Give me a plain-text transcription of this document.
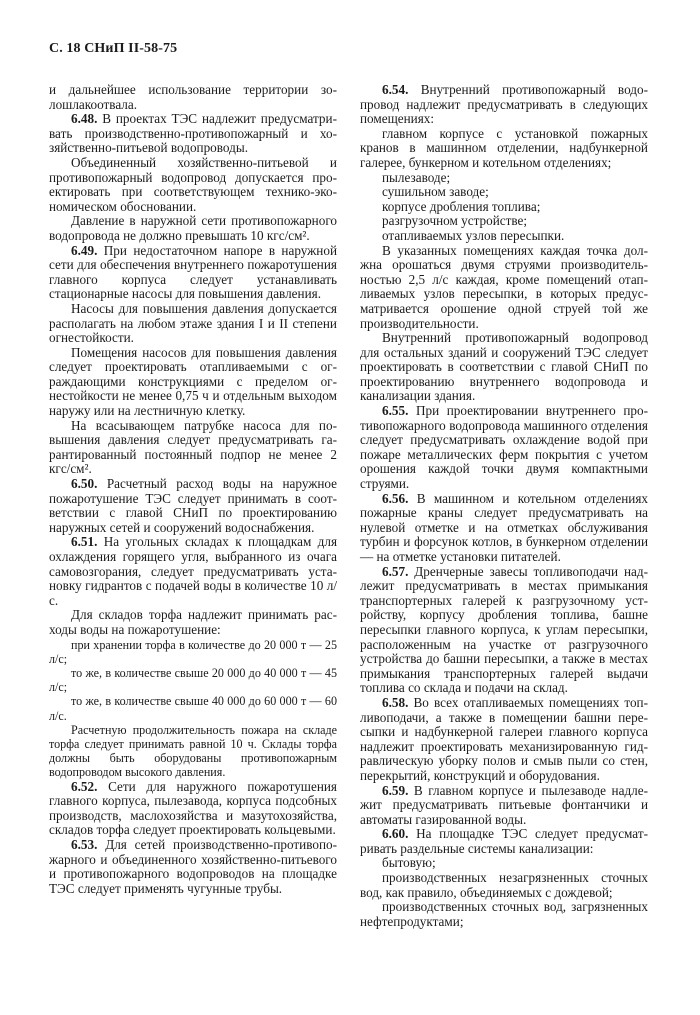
С. 18 СНиП II-58-75

и дальнейшее использование территории золошлакоотвала.

6.48. В проектах ТЭС надлежит предусматривать производственно-противопожарный и хозяйственно-питьевой водопроводы.

Объединенный хозяйственно-питьевой и противопожарный водопровод допускается проектировать при соответствующем технико-экономическом обосновании.

Давление в наружной сети противопожарного водопровода не должно превышать 10 кгс/см².

6.49. При недостаточном напоре в наружной сети для обеспечения внутреннего пожаротушения главного корпуса следует устанавливать стационарные насосы для повышения давления.

Насосы для повышения давления допускается располагать на любом этаже здания I и II степени огнестойкости.

Помещения насосов для повышения давления следует проектировать отапливаемыми с ограждающими конструкциями с пределом огнестойкости не менее 0,75 ч и отдельным выходом наружу или на лестничную клетку.

На всасывающем патрубке насоса для повышения давления следует предусматривать гарантированный постоянный подпор не менее 2 кгс/см².

6.50. Расчетный расход воды на наружное пожаротушение ТЭС следует принимать в соответствии с главой СНиП по проектированию наружных сетей и сооружений водоснабжения.

6.51. На угольных складах к площадкам для охлаждения горящего угля, выбранного из очага самовозгорания, следует предусматривать установку гидрантов с подачей воды в количестве 10 л/с.

Для складов торфа надлежит принимать расходы воды на пожаротушение:

при хранении торфа в количестве до 20 000 т — 25 л/с;

то же, в количестве свыше 20 000 до 40 000 т — 45 л/с;

то же, в количестве свыше 40 000 до 60 000 т — 60 л/с.

Расчетную продолжительность пожара на складе торфа следует принимать равной 10 ч. Склады торфа должны быть оборудованы противопожарным водопроводом высокого давления.

6.52. Сети для наружного пожаротушения главного корпуса, пылезавода, корпуса подсобных производств, маслохозяйства и мазутохозяйства, складов торфа следует проектировать кольцевыми.

6.53. Для сетей производственно-противопожарного и объединенного хозяйственно-питьевого и противопожарного водопроводов на площадке ТЭС следует применять чугунные трубы.

6.54. Внутренний противопожарный водопровод надлежит предусматривать в следующих помещениях:

главном корпусе с установкой пожарных кранов в машинном отделении, надбункерной галерее, бункерном и котельном отделениях;

пылезаводе;

сушильном заводе;

корпусе дробления топлива;

разгрузочном устройстве;

отапливаемых узлов пересыпки.

В указанных помещениях каждая точка должна орошаться двумя струями производительностью 2,5 л/с каждая, кроме помещений отапливаемых узлов пересыпки, в которых предусматривается орошение одной струей той же производительности.

Внутренний противопожарный водопровод для остальных зданий и сооружений ТЭС следует проектировать в соответствии с главой СНиП по проектированию внутреннего водопровода и канализации здания.

6.55. При проектировании внутреннего противопожарного водопровода машинного отделения следует предусматривать охлаждение водой при пожаре металлических ферм покрытия с учетом орошения каждой точки двумя компактными струями.

6.56. В машинном и котельном отделениях пожарные краны следует предусматривать на нулевой отметке и на отметках обслуживания турбин и форсунок котлов, в бункерном отделении — на отметке установки питателей.

6.57. Дренчерные завесы топливоподачи надлежит предусматривать в местах примыкания транспортерных галерей к разгрузочному устройству, корпусу дробления топлива, башне пересыпки главного корпуса, к углам пересыпки, расположенным на участке от разгрузочного устройства до башни пересыпки, а также в местах примыкания транспортерных галерей выдачи топлива со склада и подачи на склад.

6.58. Во всех отапливаемых помещениях топливоподачи, а также в помещении башни пересыпки и надбункерной галереи главного корпуса надлежит проектировать механизированную гидравлическую уборку полов и смыв пыли со стен, перекрытий, конструкций и оборудования.

6.59. В главном корпусе и пылезаводе надлежит предусматривать питьевые фонтанчики и автоматы газированной воды.

6.60. На площадке ТЭС следует предусматривать раздельные системы канализации:

бытовую;

производственных незагрязненных сточных вод, как правило, объединяемых с дождевой;

производственных сточных вод, загрязненных нефтепродуктами;
